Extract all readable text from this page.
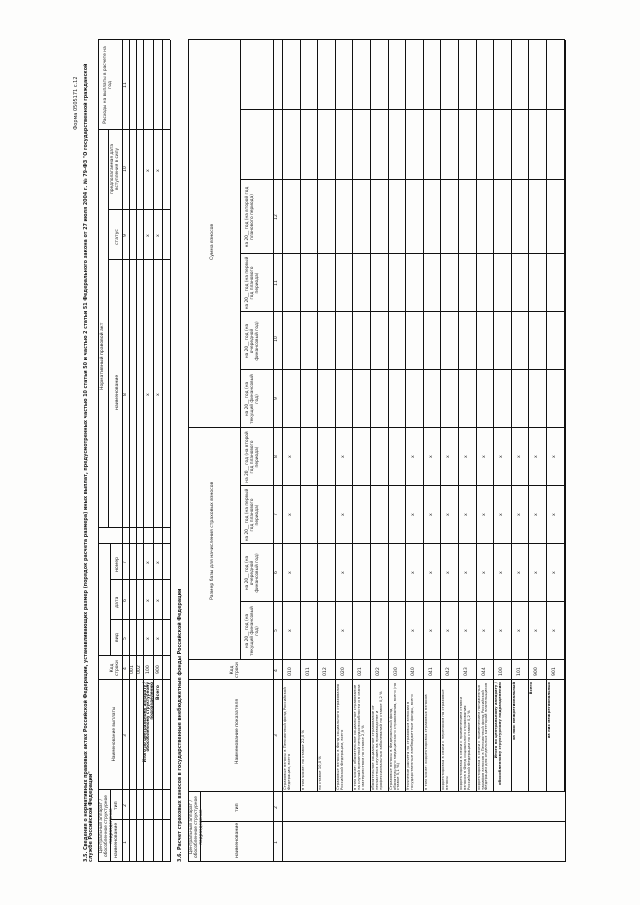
Форма 0505171 с.12 3.5. Сведения о нормативных правовых актах Российской Федерации, устанавливающих размер (порядок расчета размера) иных выплат, предусмотренных частью 10 статьи 50 и частью 2 статьи 51 Федерального закона от 27 июля 2004 г. № 79-ФЗ "О государственной гражданской службе Российской Федерации" Центральный аппарат / обособленное структурное подразделение наименование
тип
Наименование выплаты
Код строки
вид
дата
номер
Нормативный правовой акт
наименование
статус
предполагаемая дата вступления в силу
Расходы на выплаты в расчете на год
1
2
3
4
5
6
7
8
9
10
11
001 002
Итого по центральному аппарату / обособленному структурному подразделению
100
Всего
900
x
x
x
x
x
x
x
x
x
x
x
x
3.6. Расчет страховых взносов в государственные внебюджетные фонды Российской Федерации Центральный аппарат / обособленное структурное подразделение	наименование
тип
Наименование показателя
Код строки
Размер базы для начисления страховых взносов
Сумма взносов
на 20__ год (на текущий финансовый год)
на 20__ год (на очередной финансовый год)
на 20__ год (на первый год планового периода)
на 20__ год (на второй год планового периода)
на 20__ год (на текущий финансовый год)
на 20__ год (на очередной финансовый год)
на 20__ год (на первый год планового периода)
на 20__ год (на второй год планового периода)
1
2
3
4
5
6
7
8
9
10
11
12
Страховые взносы в Пенсионный фонд Российской Федерации, всего
010
x
x
x
x
в том числе: по ставке 22,0 %
011
по ставке 10,0 %
012
Страховые взносы в Фонд социального страхования Российской Федерации, всего
020
x
x
x
x
в том числе: обязательное социальное страхование на случай временной нетрудоспособности и в связи с материнством по ставке 2,9 %
021
обязательное социальное страхование от несчастных случаев на производстве и профессиональных заболеваний по ставке 0,2 %
022
Страховые взносы в Федеральный фонд обязательного медицинского страхования, всего (по ставке 5,1 %)
030
Уточнение расчета по страховым взносам в государственные внебюджетные фонды, всего
040
x
x
x
x
в том числе: корректировка страховых взносов
041
x
x
x
x
корректировка в связи с переносом на страховые взносы
042
x
x
x
x
корректировка в связи с применением ставки взносов в Фонд социального страхования Российской Федерации по ставке 0,2 %
043
x
x
x
x
корректировка в связи с применением пониженных тарифов взносов в Пенсионный фонд Российской Федерации для отдельных категорий плательщиков
044
x
x
x
x
Итого по центральному аппарату / обособленному структурному подразделению
100
x
x
x
x
из них: межрегиональный
101
x
x
x
x
Всего
900
x
x
x
x
из них межрегиональных
901
x
x
x
x
